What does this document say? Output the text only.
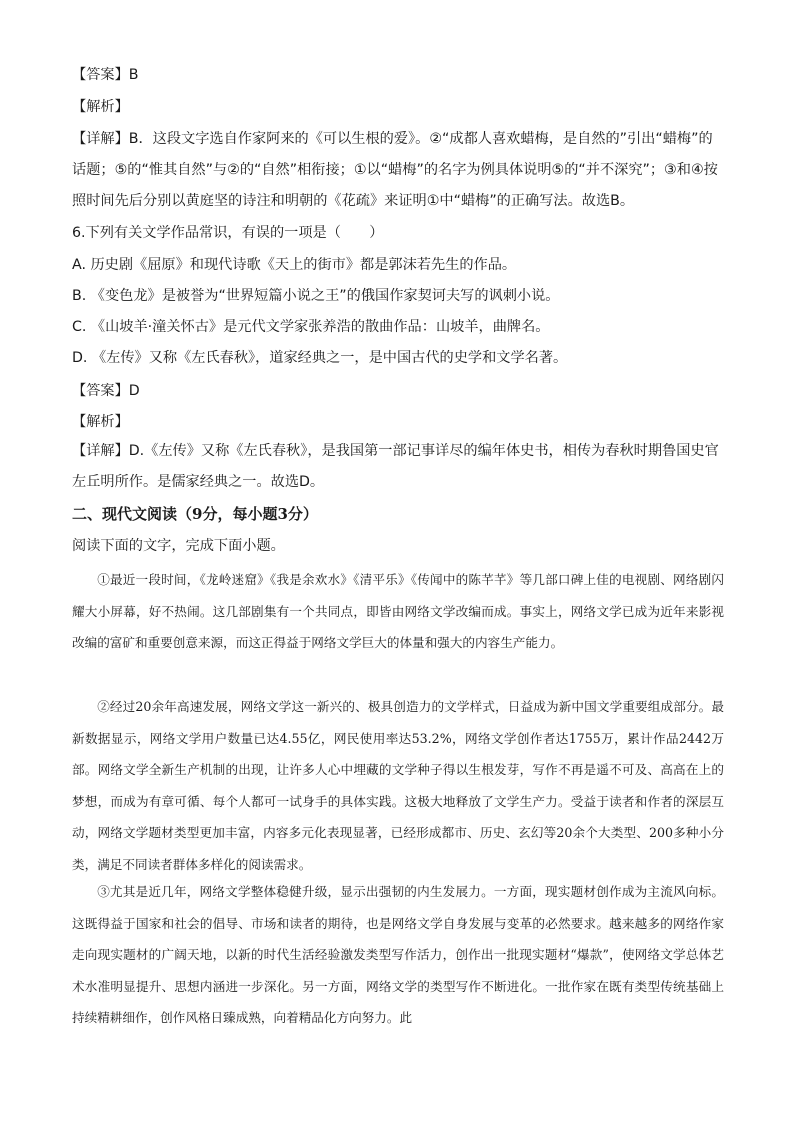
【答案】B
【解析】
【详解】B．这段文字选自作家阿来的《可以生根的爱》。②“成都人喜欢蜡梅，是自然的”引出“蜡梅”的话题；⑤的“惟其自然”与②的“自然”相衔接；①以“蜡梅”的名字为例具体说明⑤的“并不深究”；③和④按照时间先后分别以黄庭坚的诗注和明朝的《花疏》来证明①中“蜡梅”的正确写法。故选B。
6.下列有关文学作品常识，有误的一项是（　　）
A. 历史剧《屈原》和现代诗歌《天上的街市》都是郭沫若先生的作品。
B. 《变色龙》是被誉为“世界短篇小说之王”的俄国作家契诃夫写的讽刺小说。
C. 《山坡羊·潼关怀古》是元代文学家张养浩的散曲作品：山坡羊，曲牌名。
D. 《左传》又称《左氏春秋》，道家经典之一，是中国古代的史学和文学名著。
【答案】D
【解析】
【详解】D.《左传》又称《左氏春秋》，是我国第一部记事详尽的编年体史书，相传为春秋时期鲁国史官左丘明所作。是儒家经典之一。故选D。
二、现代文阅读（9分，每小题3分）
阅读下面的文字，完成下面小题。
①最近一段时间，《龙岭迷窟》《我是余欢水》《清平乐》《传闻中的陈芊芊》等几部口碑上佳的电视剧、网络剧闪耀大小屏幕，好不热闹。这几部剧集有一个共同点，即皆由网络文学改编而成。事实上，网络文学已成为近年来影视改编的富矿和重要创意来源，而这正得益于网络文学巨大的体量和强大的内容生产能力。
②经过20余年高速发展，网络文学这一新兴的、极具创造力的文学样式，日益成为新中国文学重要组成部分。最新数据显示，网络文学用户数量已达4.55亿，网民使用率达53.2%，网络文学创作者达1755万，累计作品2442万部。网络文学全新生产机制的出现，让许多人心中埋藏的文学种子得以生根发芽，写作不再是遥不可及、高高在上的梦想，而成为有章可循、每个人都可一试身手的具体实践。这极大地释放了文学生产力。受益于读者和作者的深层互动，网络文学题材类型更加丰富，内容多元化表现显著，已经形成都市、历史、玄幻等20余个大类型、200多种小分类，满足不同读者群体多样化的阅读需求。
③尤其是近几年，网络文学整体稳健升级，显示出强韧的内生发展力。一方面，现实题材创作成为主流风向标。这既得益于国家和社会的倡导、市场和读者的期待，也是网络文学自身发展与变革的必然要求。越来越多的网络作家走向现实题材的广阔天地，以新的时代生活经验激发类型写作活力，创作出一批现实题材“爆款”，使网络文学总体艺术水准明显提升、思想内涵进一步深化。另一方面，网络文学的类型写作不断进化。一批作家在既有类型传统基础上持续精耕细作，创作风格日臻成熟，向着精品化方向努力。此
